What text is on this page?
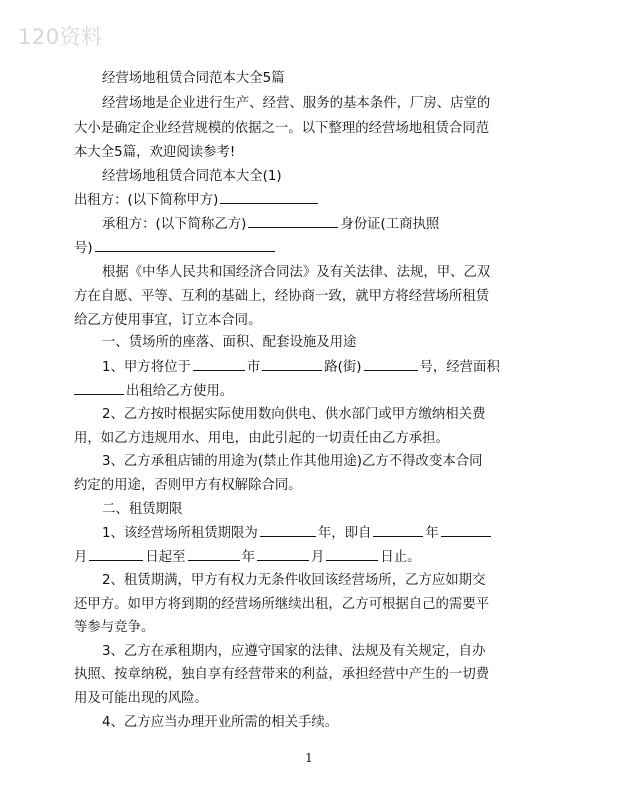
120资料
经营场地租赁合同范本大全5篇
经营场地是企业进行生产、经营、服务的基本条件，厂房、店堂的
大小是确定企业经营规模的依据之一。以下整理的经营场地租赁合同范
本大全5篇，欢迎阅读参考!
经营场地租赁合同范本大全(1)
出租方：(以下简称甲方)
承租方：(以下简称乙方)	身份证(工商执照
号)
根据《中华人民共和国经济合同法》及有关法律、法规，甲、乙双
方在自愿、平等、互利的基础上，经协商一致，就甲方将经营场所租赁
给乙方使用事宜，订立本合同。
一、赁场所的座落、面积、配套设施及用途
1、甲方将位于	市	路(街)	号，经营面积
出租给乙方使用。
2、乙方按时根据实际使用数向供电、供水部门或甲方缴纳相关费
用，如乙方违规用水、用电，由此引起的一切责任由乙方承担。
3、乙方承租店铺的用途为(禁止作其他用途)乙方不得改变本合同
约定的用途，否则甲方有权解除合同。
二、租赁期限
1、该经营场所租赁期限为	年，即自	年
月	日起至	年	月	日止。
2、租赁期满，甲方有权力无条件收回该经营场所，乙方应如期交
还甲方。如甲方将到期的经营场所继续出租，乙方可根据自己的需要平
等参与竞争。
3、乙方在承租期内，应遵守国家的法律、法规及有关规定，自办
执照、按章纳税，独自享有经营带来的利益，承担经营中产生的一切费
用及可能出现的风险。
4、乙方应当办理开业所需的相关手续。
1
